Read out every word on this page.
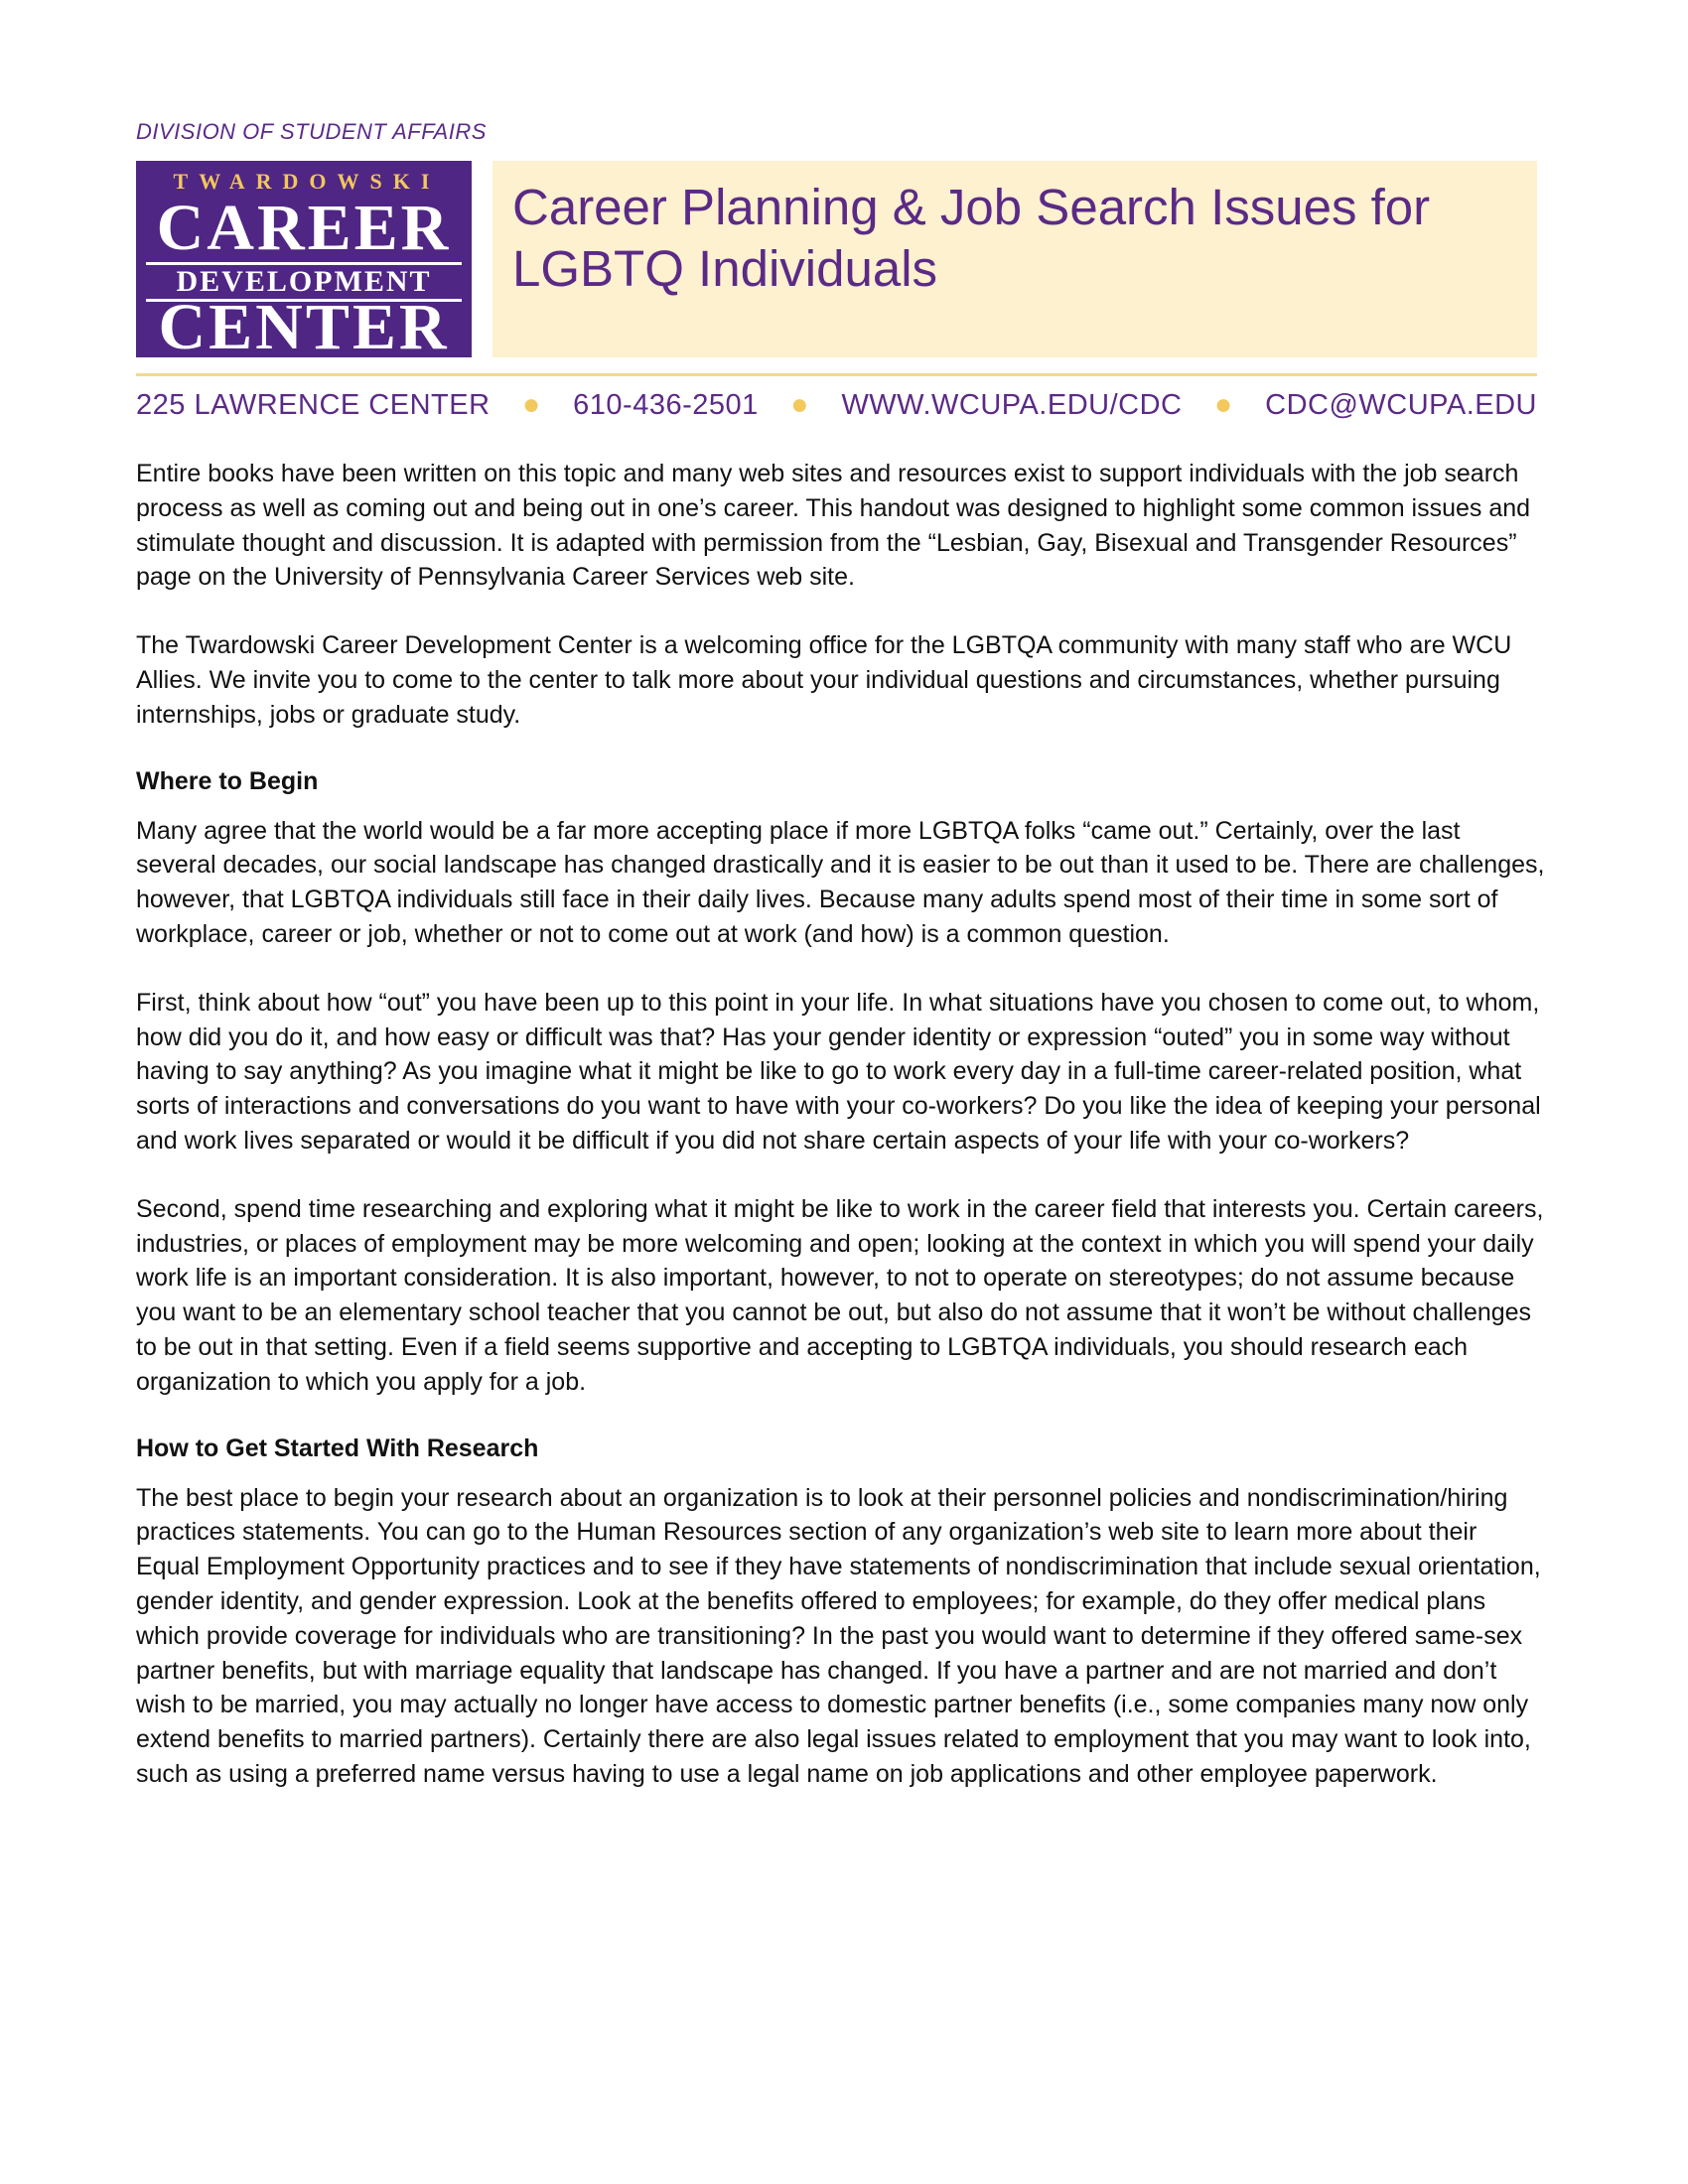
DIVISION OF STUDENT AFFAIRS
TWARDOWSKI
CAREER
DEVELOPMENT
CENTER
Career Planning & Job Search Issues for LGBTQ Individuals
225 LAWRENCE CENTER ● 610-436-2501 ● WWW.WCUPA.EDU/CDC ● CDC@WCUPA.EDU

Entire books have been written on this topic and many web sites and resources exist to support individuals with the job search process as well as coming out and being out in one’s career. This handout was designed to highlight some common issues and stimulate thought and discussion. It is adapted with permission from the “Lesbian, Gay, Bisexual and Transgender Resources” page on the University of Pennsylvania Career Services web site.

The Twardowski Career Development Center is a welcoming office for the LGBTQA community with many staff who are WCU Allies. We invite you to come to the center to talk more about your individual questions and circumstances, whether pursuing internships, jobs or graduate study.

Where to Begin

Many agree that the world would be a far more accepting place if more LGBTQA folks “came out.” Certainly, over the last several decades, our social landscape has changed drastically and it is easier to be out than it used to be. There are challenges, however, that LGBTQA individuals still face in their daily lives. Because many adults spend most of their time in some sort of workplace, career or job, whether or not to come out at work (and how) is a common question.

First, think about how “out” you have been up to this point in your life. In what situations have you chosen to come out, to whom, how did you do it, and how easy or difficult was that? Has your gender identity or expression “outed” you in some way without having to say anything? As you imagine what it might be like to go to work every day in a full-time career-related position, what sorts of interactions and conversations do you want to have with your co-workers? Do you like the idea of keeping your personal and work lives separated or would it be difficult if you did not share certain aspects of your life with your co-workers?

Second, spend time researching and exploring what it might be like to work in the career field that interests you. Certain careers, industries, or places of employment may be more welcoming and open; looking at the context in which you will spend your daily work life is an important consideration. It is also important, however, to not to operate on stereotypes; do not assume because you want to be an elementary school teacher that you cannot be out, but also do not assume that it won’t be without challenges to be out in that setting. Even if a field seems supportive and accepting to LGBTQA individuals, you should research each organization to which you apply for a job.

How to Get Started With Research

The best place to begin your research about an organization is to look at their personnel policies and nondiscrimination/hiring practices statements. You can go to the Human Resources section of any organization’s web site to learn more about their Equal Employment Opportunity practices and to see if they have statements of nondiscrimination that include sexual orientation, gender identity, and gender expression. Look at the benefits offered to employees; for example, do they offer medical plans which provide coverage for individuals who are transitioning? In the past you would want to determine if they offered same-sex partner benefits, but with marriage equality that landscape has changed. If you have a partner and are not married and don’t wish to be married, you may actually no longer have access to domestic partner benefits (i.e., some companies many now only extend benefits to married partners). Certainly there are also legal issues related to employment that you may want to look into, such as using a preferred name versus having to use a legal name on job applications and other employee paperwork.
